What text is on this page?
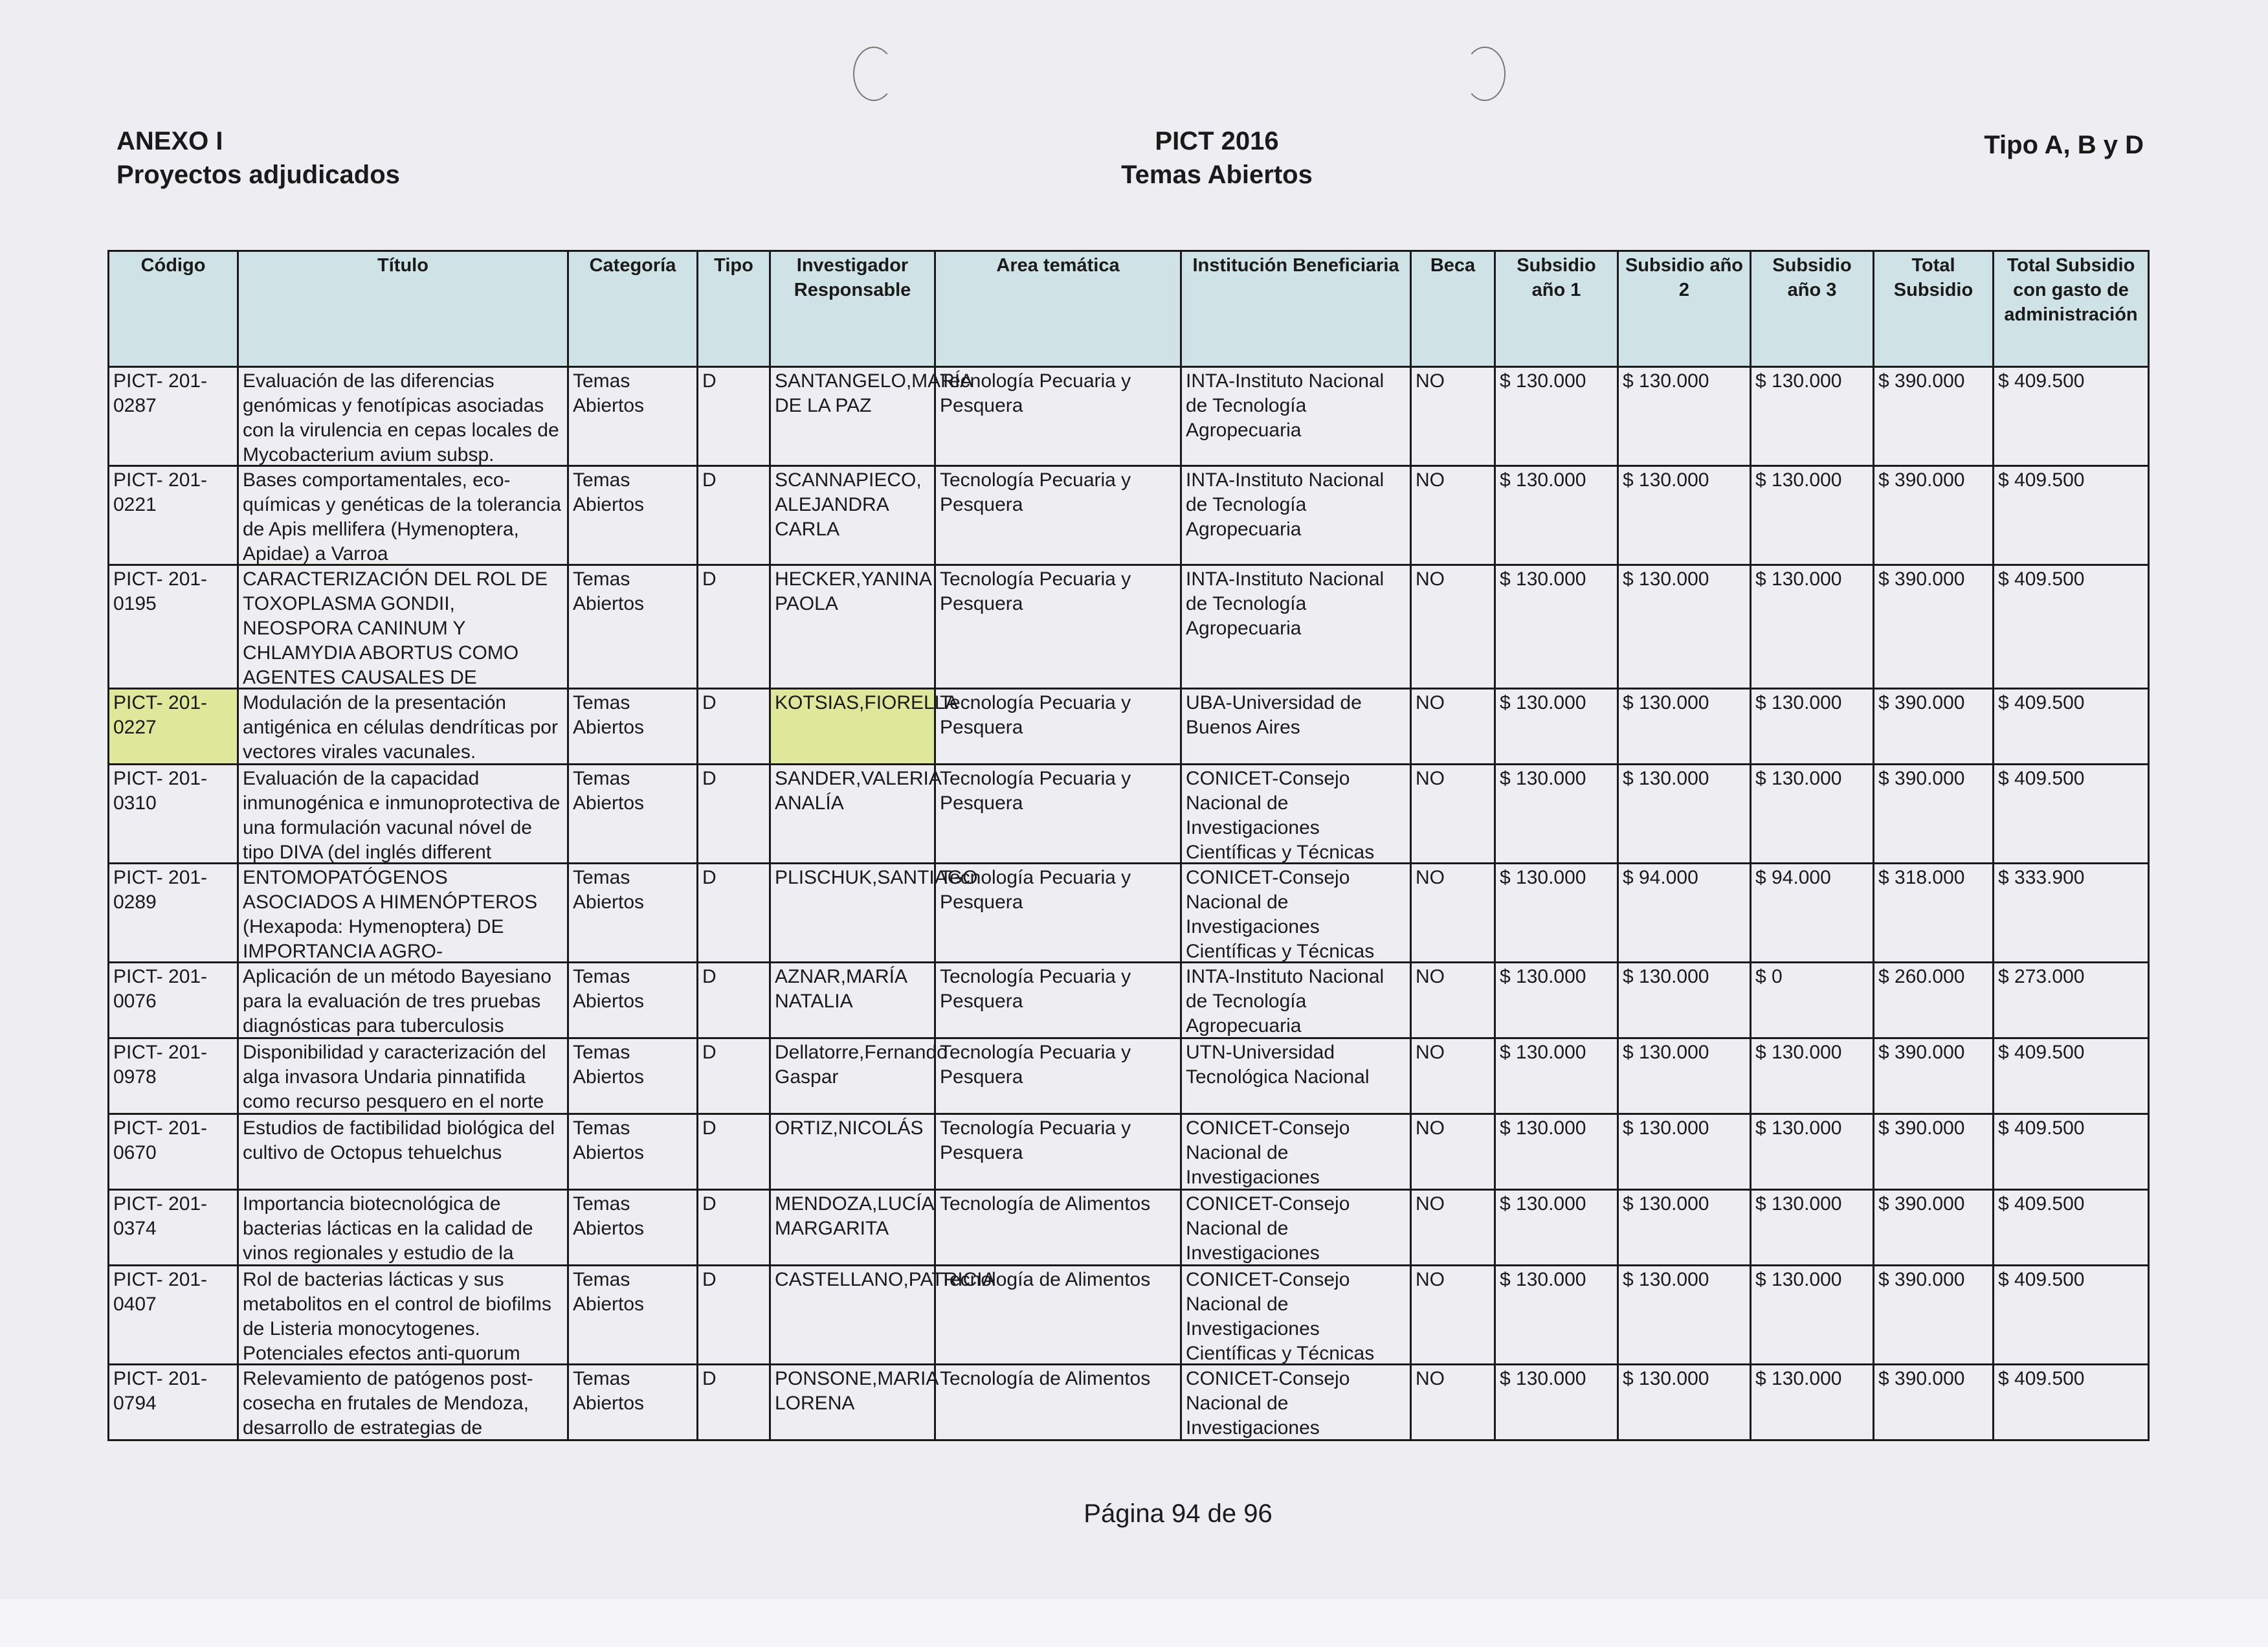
ANEXO I
Proyectos adjudicados
PICT 2016
Temas Abiertos
Tipo A, B y D
Código	Título	Categoría	Tipo	Investigador Responsable	Area temática	Institución Beneficiaria	Beca	Subsidio año 1	Subsidio año 2	Subsidio año 3	Total Subsidio	Total Subsidio con gasto de administración

PICT- 201- 0287	Evaluación de las diferencias genómicas y fenotípicas asociadas con la virulencia en cepas locales de Mycobacterium avium subsp.	Temas Abiertos	D	SANTANGELO,MARÍA DE LA PAZ	Tecnología Pecuaria y Pesquera	INTA-Instituto Nacional de Tecnología Agropecuaria	NO	$ 130.000	$ 130.000	$ 130.000	$ 390.000	$ 409.500

PICT- 201- 0221	Bases comportamentales, eco-químicas y genéticas de la tolerancia de Apis mellifera (Hymenoptera, Apidae) a Varroa	Temas Abiertos	D	SCANNAPIECO, ALEJANDRA CARLA	Tecnología Pecuaria y Pesquera	INTA-Instituto Nacional de Tecnología Agropecuaria	NO	$ 130.000	$ 130.000	$ 130.000	$ 390.000	$ 409.500

PICT- 201- 0195	CARACTERIZACIÓN DEL ROL DE TOXOPLASMA GONDII, NEOSPORA CANINUM Y CHLAMYDIA ABORTUS COMO AGENTES CAUSALES DE	Temas Abiertos	D	HECKER,YANINA PAOLA	Tecnología Pecuaria y Pesquera	INTA-Instituto Nacional de Tecnología Agropecuaria	NO	$ 130.000	$ 130.000	$ 130.000	$ 390.000	$ 409.500

PICT- 201- 0227	Modulación de la presentación antigénica en células dendríticas por vectores virales vacunales.	Temas Abiertos	D	KOTSIAS,FIORELLA	Tecnología Pecuaria y Pesquera	UBA-Universidad de Buenos Aires	NO	$ 130.000	$ 130.000	$ 130.000	$ 390.000	$ 409.500

PICT- 201- 0310	Evaluación de la capacidad inmunogénica e inmunoprotectiva de una formulación vacunal nóvel de tipo DIVA (del inglés different	Temas Abiertos	D	SANDER,VALERIA ANALÍA	Tecnología Pecuaria y Pesquera	CONICET-Consejo Nacional de Investigaciones Científicas y Técnicas	NO	$ 130.000	$ 130.000	$ 130.000	$ 390.000	$ 409.500

PICT- 201- 0289	ENTOMOPATÓGENOS ASOCIADOS A HIMENÓPTEROS (Hexapoda: Hymenoptera) DE IMPORTANCIA AGRO-	Temas Abiertos	D	PLISCHUK,SANTIAGO	Tecnología Pecuaria y Pesquera	CONICET-Consejo Nacional de Investigaciones Científicas y Técnicas	NO	$ 130.000	$ 94.000	$ 94.000	$ 318.000	$ 333.900

PICT- 201- 0076	Aplicación de un método Bayesiano para la evaluación de tres pruebas diagnósticas para tuberculosis	Temas Abiertos	D	AZNAR,MARÍA NATALIA	Tecnología Pecuaria y Pesquera	INTA-Instituto Nacional de Tecnología Agropecuaria	NO	$ 130.000	$ 130.000	$ 0	$ 260.000	$ 273.000

PICT- 201- 0978	Disponibilidad y caracterización del alga invasora Undaria pinnatifida como recurso pesquero en el norte	Temas Abiertos	D	Dellatorre,Fernando Gaspar	Tecnología Pecuaria y Pesquera	UTN-Universidad Tecnológica Nacional	NO	$ 130.000	$ 130.000	$ 130.000	$ 390.000	$ 409.500

PICT- 201- 0670	Estudios de factibilidad biológica del cultivo de Octopus tehuelchus	Temas Abiertos	D	ORTIZ,NICOLÁS	Tecnología Pecuaria y Pesquera	CONICET-Consejo Nacional de Investigaciones	NO	$ 130.000	$ 130.000	$ 130.000	$ 390.000	$ 409.500

PICT- 201- 0374	Importancia biotecnológica de bacterias lácticas en la calidad de vinos regionales y estudio de la	Temas Abiertos	D	MENDOZA,LUCÍA MARGARITA	Tecnología de Alimentos	CONICET-Consejo Nacional de Investigaciones	NO	$ 130.000	$ 130.000	$ 130.000	$ 390.000	$ 409.500

PICT- 201- 0407	Rol de bacterias lácticas y sus metabolitos en el control de biofilms de Listeria monocytogenes. Potenciales efectos anti-quorum	Temas Abiertos	D	CASTELLANO,PATRICIA	Tecnología de Alimentos	CONICET-Consejo Nacional de Investigaciones Científicas y Técnicas	NO	$ 130.000	$ 130.000	$ 130.000	$ 390.000	$ 409.500

PICT- 201- 0794	Relevamiento de patógenos post-cosecha en frutales de Mendoza, desarrollo de estrategias de	Temas Abiertos	D	PONSONE,MARIA LORENA	Tecnología de Alimentos	CONICET-Consejo Nacional de Investigaciones	NO	$ 130.000	$ 130.000	$ 130.000	$ 390.000	$ 409.500
Página 94 de 96
